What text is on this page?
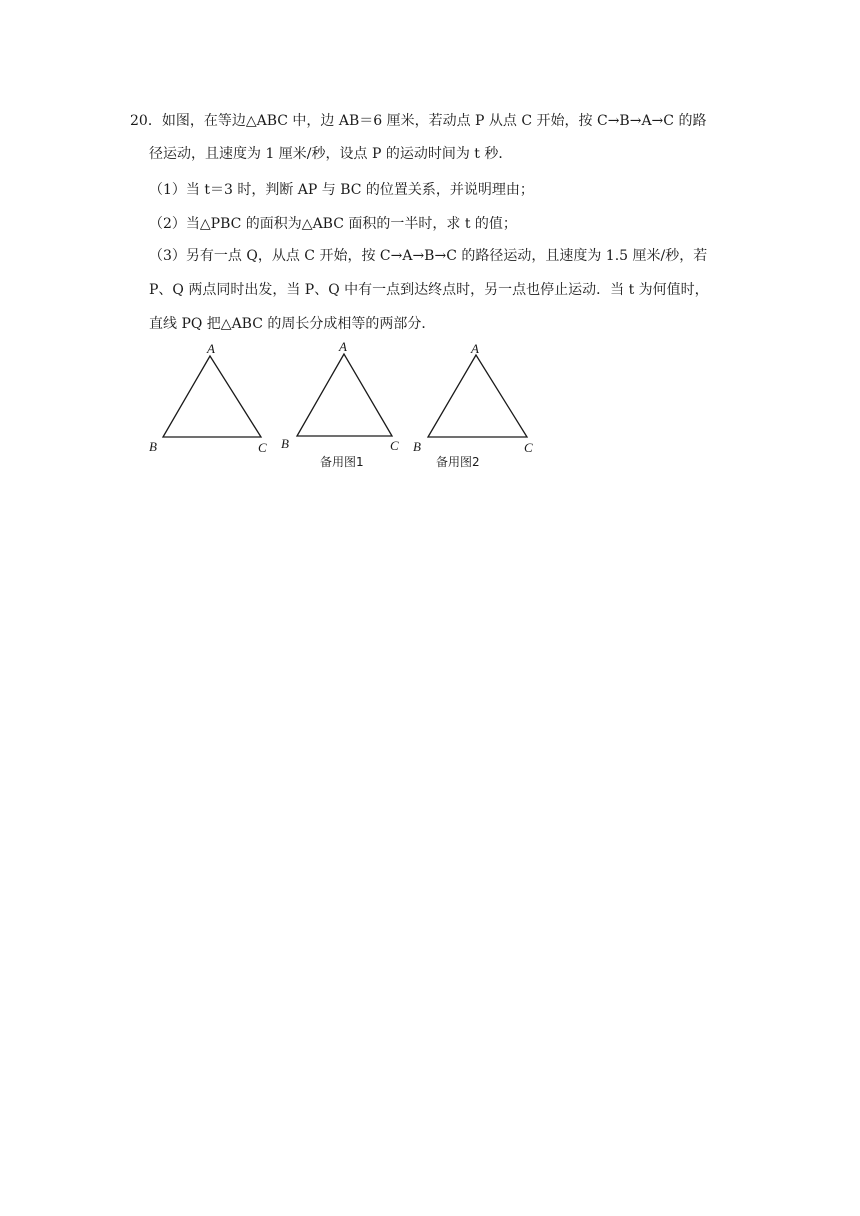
20．如图，在等边△ABC 中，边 AB＝6 厘米，若动点 P 从点 C 开始，按 C→B→A→C 的路
径运动，且速度为 1 厘米/秒，设点 P 的运动时间为 t 秒．
（1）当 t＝3 时，判断 AP 与 BC 的位置关系，并说明理由；
（2）当△PBC 的面积为△ABC 面积的一半时，求 t 的值；
（3）另有一点 Q，从点 C 开始，按 C→A→B→C 的路径运动，且速度为 1.5 厘米/秒，若
P、Q 两点同时出发，当 P、Q 中有一点到达终点时，另一点也停止运动．当 t 为何值时，
直线 PQ 把△ABC 的周长分成相等的两部分．
A
B	C
A
B	C
备用图1
A
B	C
备用图2
